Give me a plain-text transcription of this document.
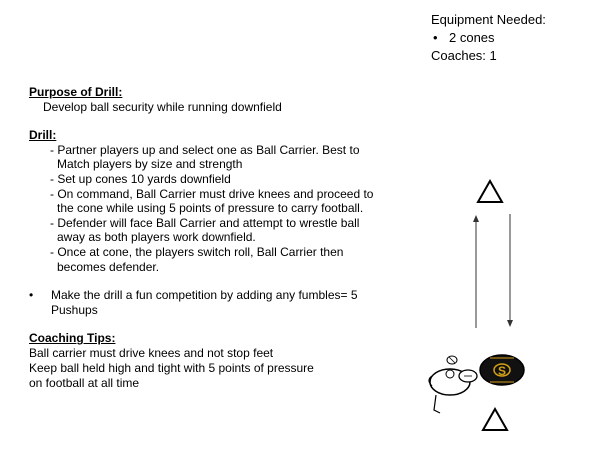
Equipment Needed:
• 2 cones
Coaches: 1
Purpose of Drill:
Develop ball security while running downfield
Drill:
- Partner players up and select one as Ball Carrier. Best to Match players by size and strength
- Set up cones 10 yards downfield
- On command, Ball Carrier must drive knees and proceed to the cone while using 5 points of pressure to carry football.
- Defender will face Ball Carrier and attempt to wrestle ball away as both players work downfield.
- Once at cone, the players switch roll, Ball Carrier then becomes defender.
• Make the drill a fun competition by adding any fumbles= 5 Pushups
Coaching Tips:
Ball carrier must drive knees and not stop feet
Keep ball held high and tight with 5 points of pressure
on football at all time
S
